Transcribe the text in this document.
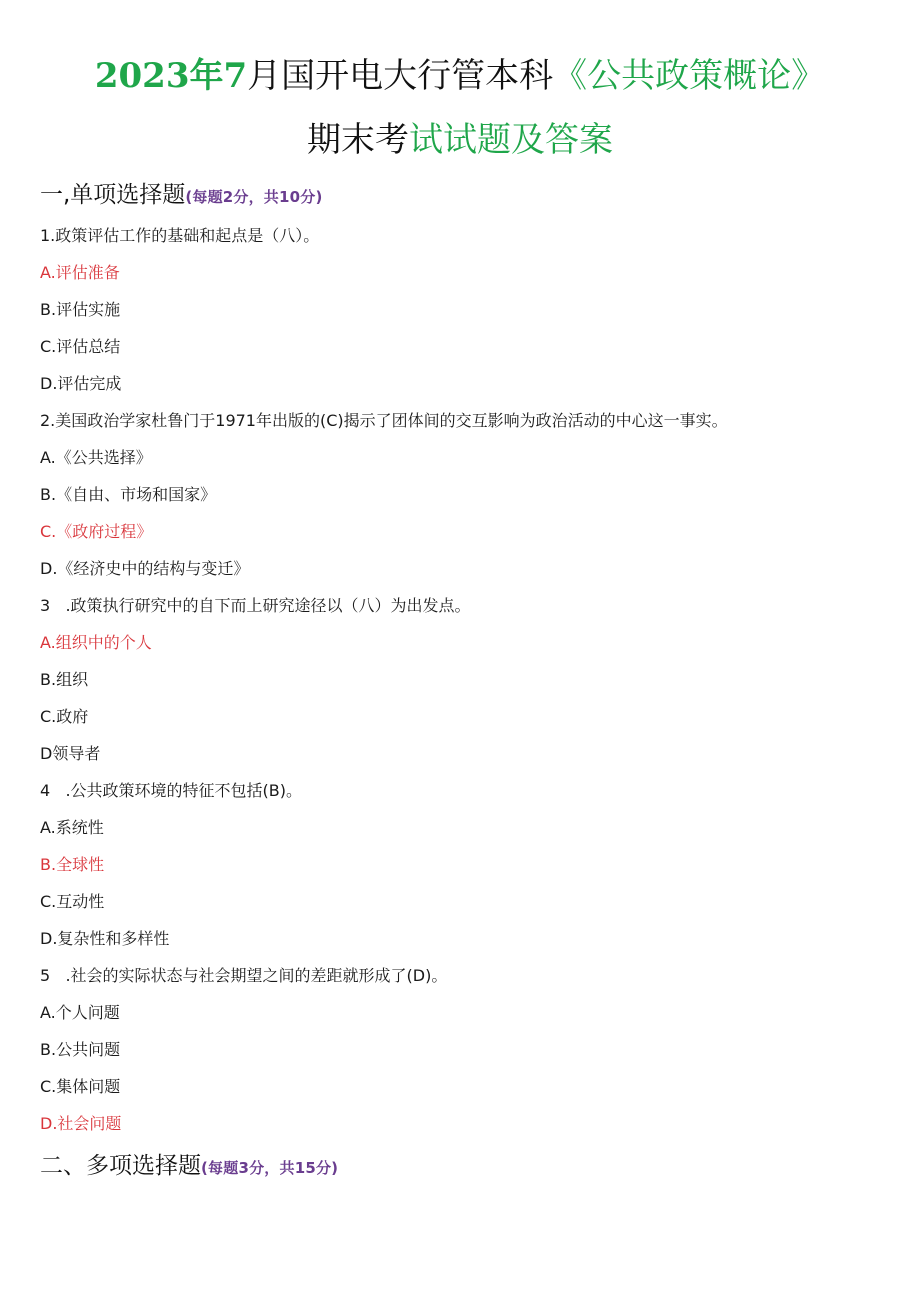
2023年7月国开电大行管本科《公共政策概论》
期末考试试题及答案
一,单项选择题(每题2分，共10分)
1.政策评估工作的基础和起点是（八）。
A.评估准备
B.评估实施
C.评估总结
D.评估完成
2.美国政治学家杜鲁门于1971年出版的(C)揭示了团体间的交互影响为政治活动的中心这一事实。
A.《公共选择》
B.《自由、市场和国家》
C.《政府过程》
D.《经济史中的结构与变迁》
3   .政策执行研究中的自下而上研究途径以（八）为出发点。
A.组织中的个人
B.组织
C.政府
D领导者
4   .公共政策环境的特征不包括(B)。
A.系统性
B.全球性
C.互动性
D.复杂性和多样性
5   .社会的实际状态与社会期望之间的差距就形成了(D)。
A.个人问题
B.公共问题
C.集体问题
D.社会问题
二、多项选择题(每题3分，共15分)
